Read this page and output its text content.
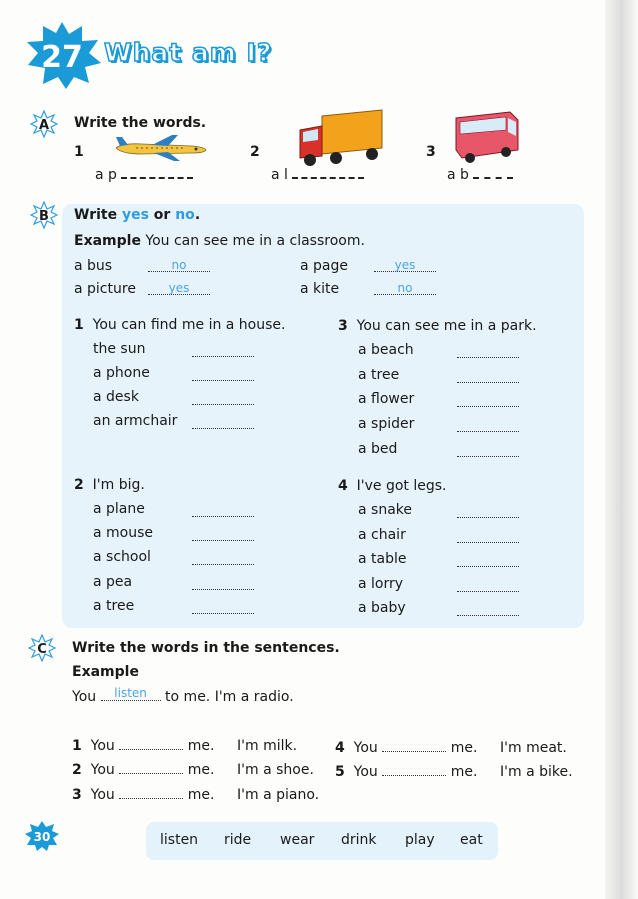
27 What am I?
A Write the words.
1
a p
2
a l
3
a b
B Write yes or no.
Example You can see me in a classroom.
a bus	no	a page	yes
a picture	yes	a kite	no
1 You can find me in a house.
the sun
a phone
a desk
an armchair
3 You can see me in a park.
a beach
a tree
a flower
a spider
a bed
2 I'm big.
a plane
a mouse
a school
a pea
a tree
4 I've got legs.
a snake
a chair
a table
a lorry
a baby
C Write the words in the sentences.
Example
You listen to me. I'm a radio.
1 You	me. I'm milk.
2 You	me. I'm a shoe.
3 You	me. I'm a piano.
4 You	me. I'm meat.
5 You	me. I'm a bike.
listen ride wear drink play eat
30
